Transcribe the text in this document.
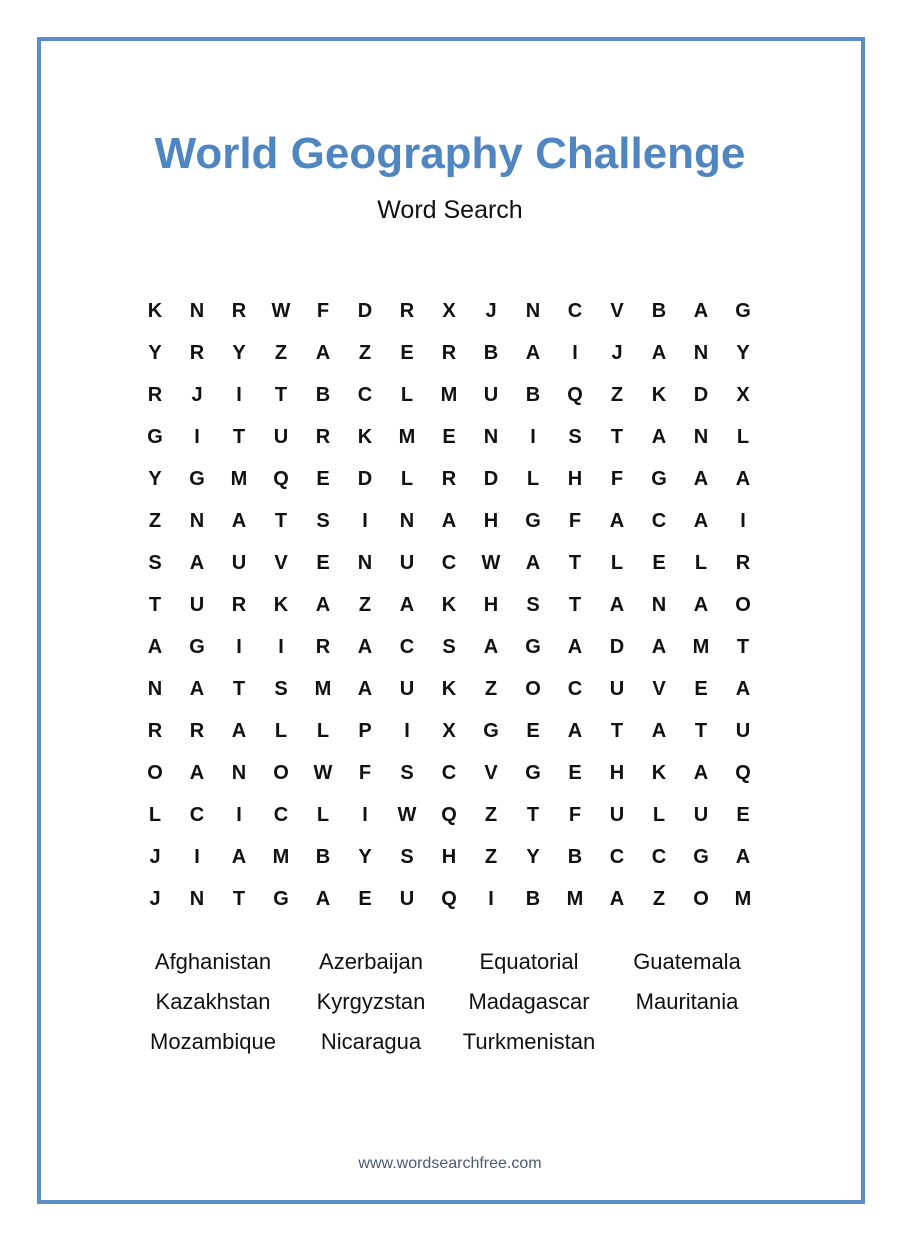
World Geography Challenge
Word Search
K	N	R	W	F	D	R	X	J	N	C	V	B	A	G
Y	R	Y	Z	A	Z	E	R	B	A	I	J	A	N	Y
R	J	I	T	B	C	L	M	U	B	Q	Z	K	D	X
G	I	T	U	R	K	M	E	N	I	S	T	A	N	L
Y	G	M	Q	E	D	L	R	D	L	H	F	G	A	A
Z	N	A	T	S	I	N	A	H	G	F	A	C	A	I
S	A	U	V	E	N	U	C	W	A	T	L	E	L	R
T	U	R	K	A	Z	A	K	H	S	T	A	N	A	O
A	G	I	I	R	A	C	S	A	G	A	D	A	M	T
N	A	T	S	M	A	U	K	Z	O	C	U	V	E	A
R	R	A	L	L	P	I	X	G	E	A	T	A	T	U
O	A	N	O	W	F	S	C	V	G	E	H	K	A	Q
L	C	I	C	L	I	W	Q	Z	T	F	U	L	U	E
J	I	A	M	B	Y	S	H	Z	Y	B	C	C	G	A
J	N	T	G	A	E	U	Q	I	B	M	A	Z	O	M
Afghanistan	Azerbaijan	Equatorial	Guatemala
Kazakhstan	Kyrgyzstan	Madagascar	Mauritania
Mozambique	Nicaragua	Turkmenistan
www.wordsearchfree.com
